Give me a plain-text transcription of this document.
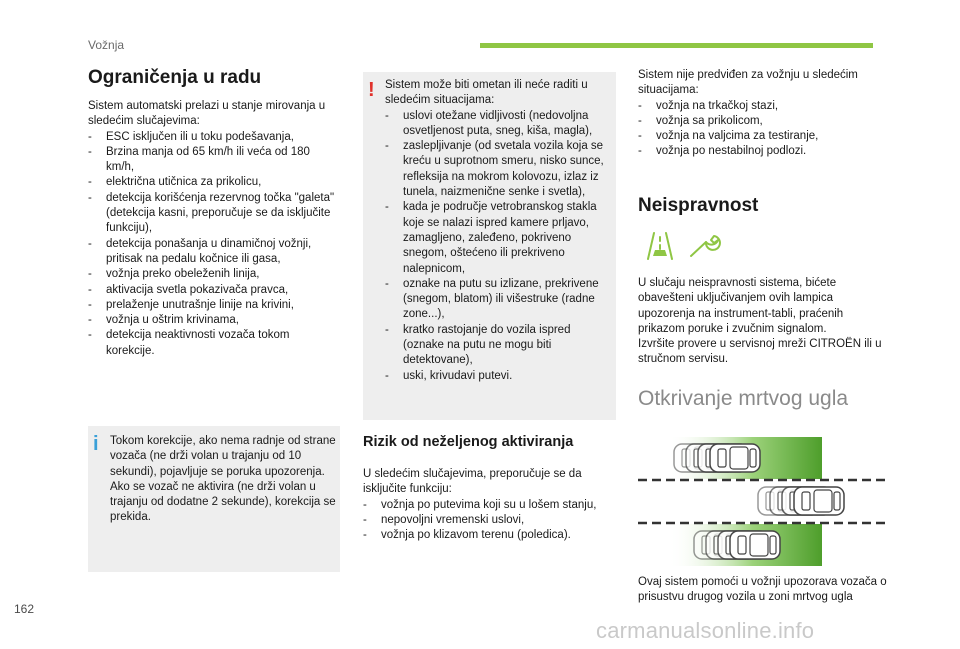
Vožnja
Ograničenja u radu

Sistem automatski prelazi u stanje mirovanja u sledećim slučajevima:

- ESC isključen ili u toku podešavanja,
- Brzina manja od 65 km/h ili veća od 180 km/h,
- električna utičnica za prikolicu,
- detekcija korišćenja rezervnog točka "galeta" (detekcija kasni, preporučuje se da isključite funkciju),
- detekcija ponašanja u dinamičnoj vožnji, pritisak na pedalu kočnice ili gasa,
- vožnja preko obeleženih linija,
- aktivacija svetla pokazivača pravca,
- prelaženje unutrašnje linije na krivini,
- vožnja u oštrim krivinama,
- detekcija neaktivnosti vozača tokom korekcije.
i Tokom korekcije, ako nema radnje od strane vozača (ne drži volan u trajanju od 10 sekundi), pojavljuje se poruka upozorenja.

Ako se vozač ne aktivira (ne drži volan u trajanju od dodatne 2 sekunde), korekcija se prekida.

! Sistem može biti ometan ili neće raditi u sledećim situacijama:

- uslovi otežane vidljivosti (nedovoljna osvetljenost puta, sneg, kiša, magla),
- zaslepljivanje (od svetala vozila koja se kreću u suprotnom smeru, nisko sunce, refleksija na mokrom kolovozu, izlaz iz tunela, naizmenične senke i svetla),
- kada je područje vetrobranskog stakla koje se nalazi ispred kamere prljavo, zamagljeno, zaleđeno, pokriveno snegom, oštećeno ili prekriveno nalepnicom,
- oznake na putu su izlizane, prekrivene (snegom, blatom) ili višestruke (radne zone...),
- kratko rastojanje do vozila ispred (oznake na putu ne mogu biti detektovane),
- uski, krivudavi putevi.
Rizik od neželjenog aktiviranja

U sledećim slučajevima, preporučuje se da isključite funkciju:

- vožnja po putevima koji su u lošem stanju,
- nepovoljni vremenski uslovi,
- vožnja po klizavom terenu (poledica).

Sistem nije predviđen za vožnju u sledećim situacijama:

- vožnja na trkačkoj stazi,
- vožnja sa prikolicom,
- vožnja na valjcima za testiranje,
- vožnja po nestabilnoj podlozi.
Neispravnost

U slučaju neispravnosti sistema, bićete obavešteni uključivanjem ovih lampica upozorenja na instrument-tabli, praćenih prikazom poruke i zvučnim signalom.

Izvršite provere u servisnoj mreži CITROËN ili u stručnom servisu.

Otkrivanje mrtvog ugla
Ovaj sistem pomoći u vožnji upozorava vozača o prisustvu drugog vozila u zoni mrtvog ugla
162
carmanualsonline.info
